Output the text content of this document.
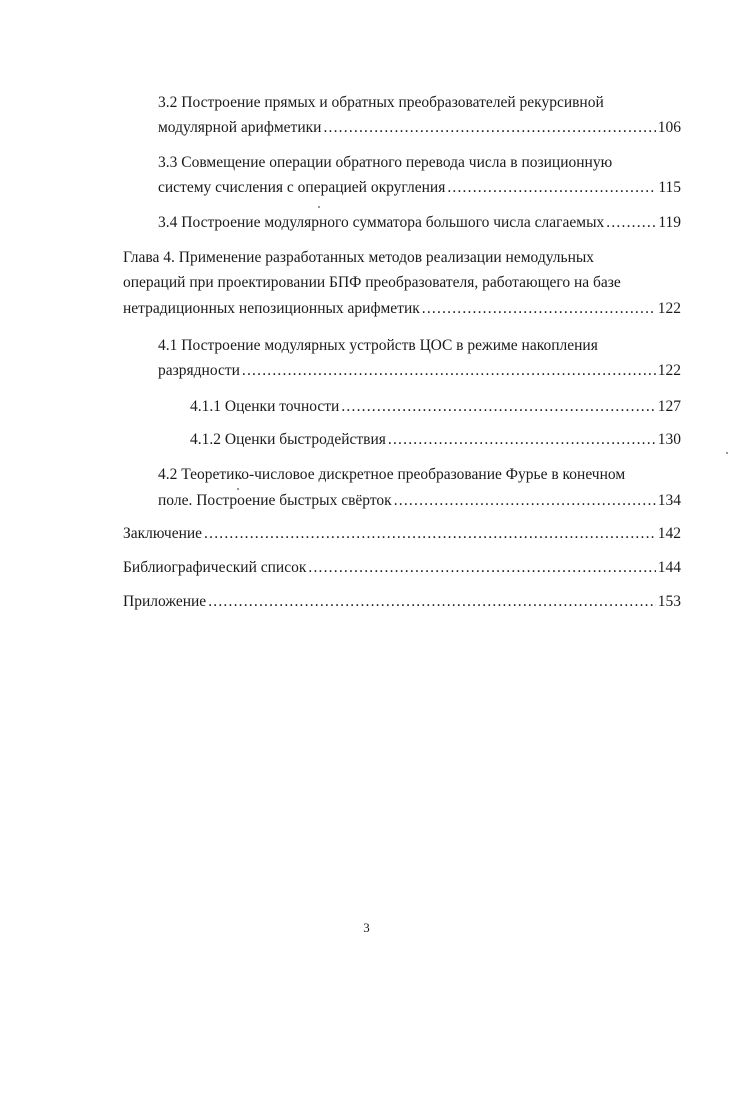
3.2 Построение прямых и обратных преобразователей рекурсивной
модулярной арифметики .....	106
3.3 Совмещение операции обратного перевода числа в позиционную
систему счисления с операцией округления .....	115
3.4 Построение модулярного сумматора большого числа слагаемых .....	119
Глава 4. Применение разработанных методов реализации немодульных
операций при проектировании БПФ преобразователя, работающего на базе
нетрадиционных непозиционных арифметик .....	122
4.1 Построение модулярных устройств ЦОС в режиме накопления
разрядности .....	122
4.1.1 Оценки точности .....	127
4.1.2 Оценки быстродействия .....	130
4.2 Теоретико-числовое дискретное преобразование Фурье в конечном
поле. Построение быстрых свёрток .....	134
Заключение .....	142
Библиографический список .....	144
Приложение .....	153
3
